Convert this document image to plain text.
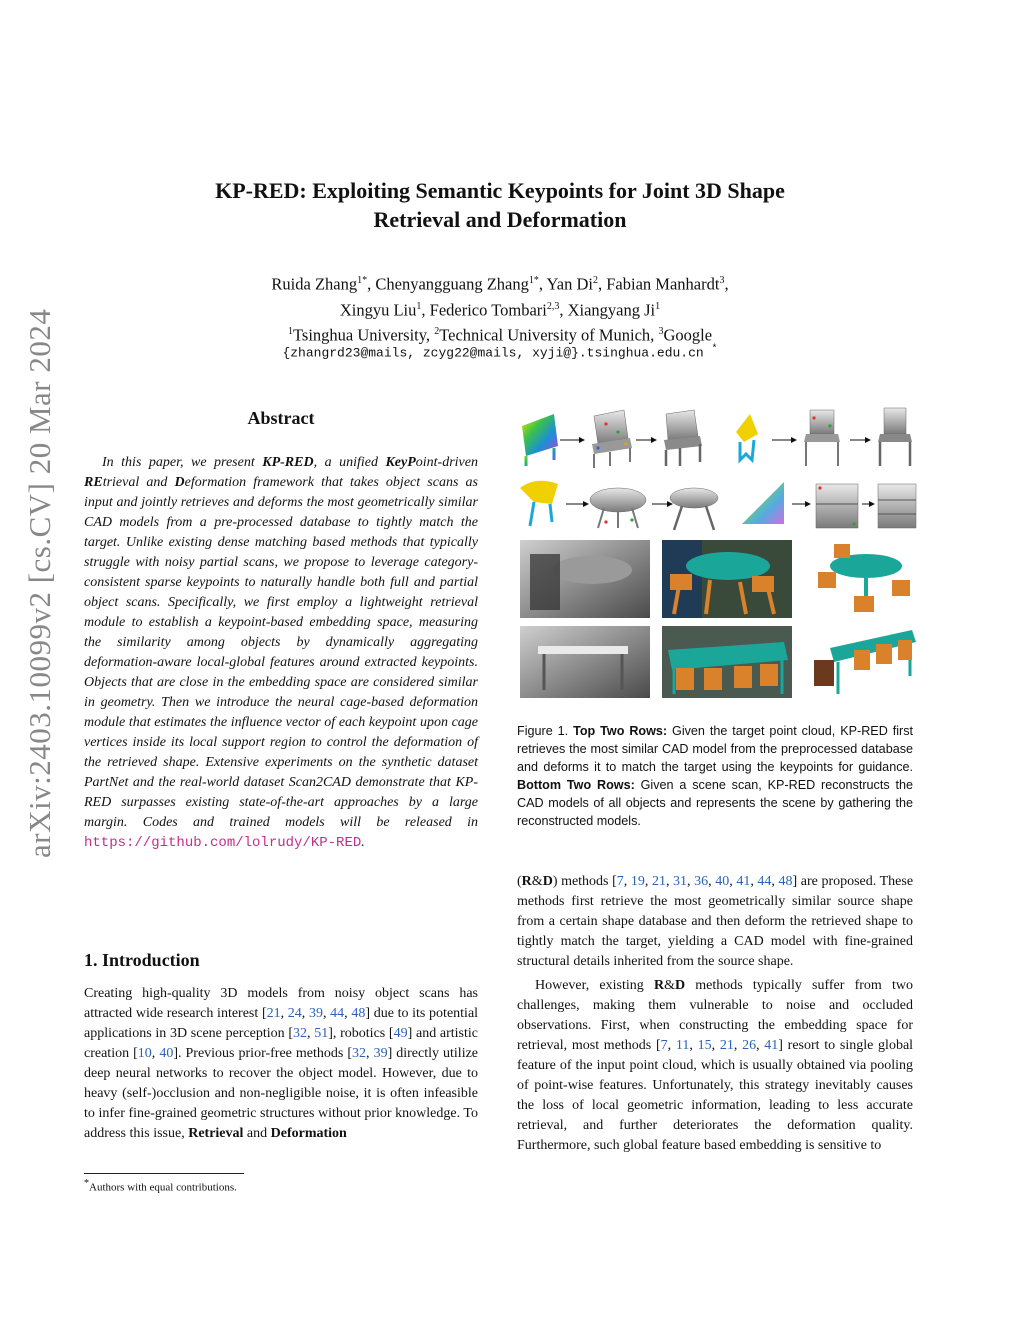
arXiv:2403.10099v2 [cs.CV] 20 Mar 2024
KP-RED: Exploiting Semantic Keypoints for Joint 3D Shape
Retrieval and Deformation
Ruida Zhang$^{1*}$, Chenyangguang Zhang$^{1*}$, Yan Di$^2$, Fabian Manhardt$^3$,
Xingyu Liu$^1$, Federico Tombari$^{2,3}$, Xiangyang Ji$^1$
$^1$Tsinghua University, $^2$Technical University of Munich, $^3$Google
{zhangrd23@mails, zcyg22@mails, xyji@}.tsinghua.edu.cn *
Abstract
In this paper, we present KP-RED, a unified KeyPoint-driven REtrieval and Deformation framework that takes object scans as input and jointly retrieves and deforms the most geometrically similar CAD models from a pre-processed database to tightly match the target. Unlike existing dense matching based methods that typically struggle with noisy partial scans, we propose to leverage category-consistent sparse keypoints to naturally handle both full and partial object scans. Specifically, we first employ a lightweight retrieval module to establish a keypoint-based embedding space, measuring the similarity among objects by dynamically aggregating deformation-aware local-global features around extracted keypoints. Objects that are close in the embedding space are considered similar in geometry. Then we introduce the neural cage-based deformation module that estimates the influence vector of each keypoint upon cage vertices inside its local support region to control the deformation of the retrieved shape. Extensive experiments on the synthetic dataset PartNet and the real-world dataset Scan2CAD demonstrate that KP-RED surpasses existing state-of-the-art approaches by a large margin. Codes and trained models will be released in https://github.com/lolrudy/KP-RED.
1. Introduction
Creating high-quality 3D models from noisy object scans has attracted wide research interest [21, 24, 39, 44, 48] due to its potential applications in 3D scene perception [32, 51], robotics [49] and artistic creation [10, 40]. Previous prior-free methods [32, 39] directly utilize deep neural networks to recover the object model. However, due to heavy (self-)occlusion and non-negligible noise, it is often infeasible to infer fine-grained geometric structures without prior knowledge. To address this issue, Retrieval and Deformation
*Authors with equal contributions.
Figure 1. Top Two Rows: Given the target point cloud, KP-RED first retrieves the most similar CAD model from the preprocessed database and deforms it to match the target using the keypoints for guidance. Bottom Two Rows: Given a scene scan, KP-RED reconstructs the CAD models of all objects and represents the scene by gathering the reconstructed models.

(R&D) methods [7, 19, 21, 31, 36, 40, 41, 44, 48] are proposed. These methods first retrieve the most geometrically similar source shape from a certain shape database and then deform the retrieved shape to tightly match the target, yielding a CAD model with fine-grained structural details inherited from the source shape.

However, existing R&D methods typically suffer from two challenges, making them vulnerable to noise and occluded observations. First, when constructing the embedding space for retrieval, most methods [7, 11, 15, 21, 26, 41] resort to single global feature of the input point cloud, which is usually obtained via pooling of point-wise features. Unfortunately, this strategy inevitably causes the loss of local geometric information, leading to less accurate retrieval, and further deteriorates the deformation quality. Furthermore, such global feature based embedding is sensitive to
